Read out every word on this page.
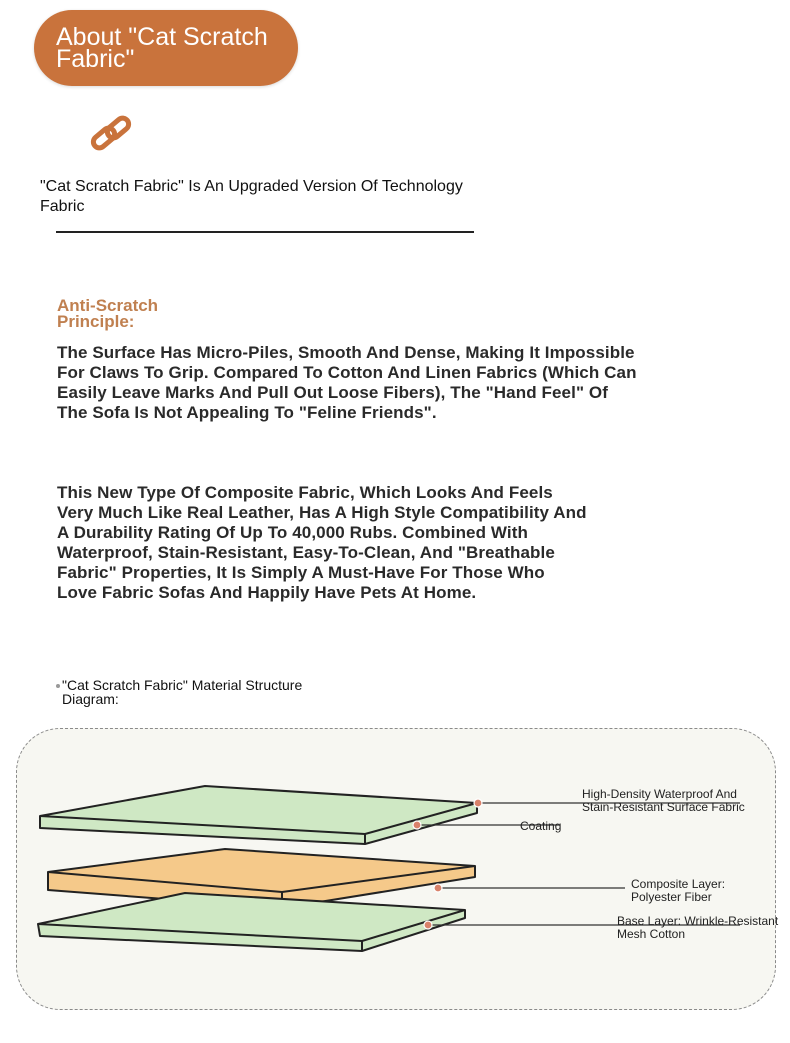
About "Cat Scratch Fabric"
"Cat Scratch Fabric" Is An Upgraded Version Of Technology Fabric
Anti-Scratch Principle:
The Surface Has Micro-Piles, Smooth And Dense, Making It Impossible For Claws To Grip. Compared To Cotton And Linen Fabrics (Which Can Easily Leave Marks And Pull Out Loose Fibers), The "Hand Feel" Of The Sofa Is Not Appealing To "Feline Friends".
This New Type Of Composite Fabric, Which Looks And Feels Very Much Like Real Leather, Has A High Style Compatibility And A Durability Rating Of Up To 40,000 Rubs. Combined With Waterproof, Stain-Resistant, Easy-To-Clean, And "Breathable Fabric" Properties, It Is Simply A Must-Have For Those Who Love Fabric Sofas And Happily Have Pets At Home.
"Cat Scratch Fabric" Material Structure Diagram:
High-Density Waterproof And Stain-Resistant Surface Fabric
Coating
Composite Layer: Polyester Fiber
Base Layer: Wrinkle-Resistant Mesh Cotton
